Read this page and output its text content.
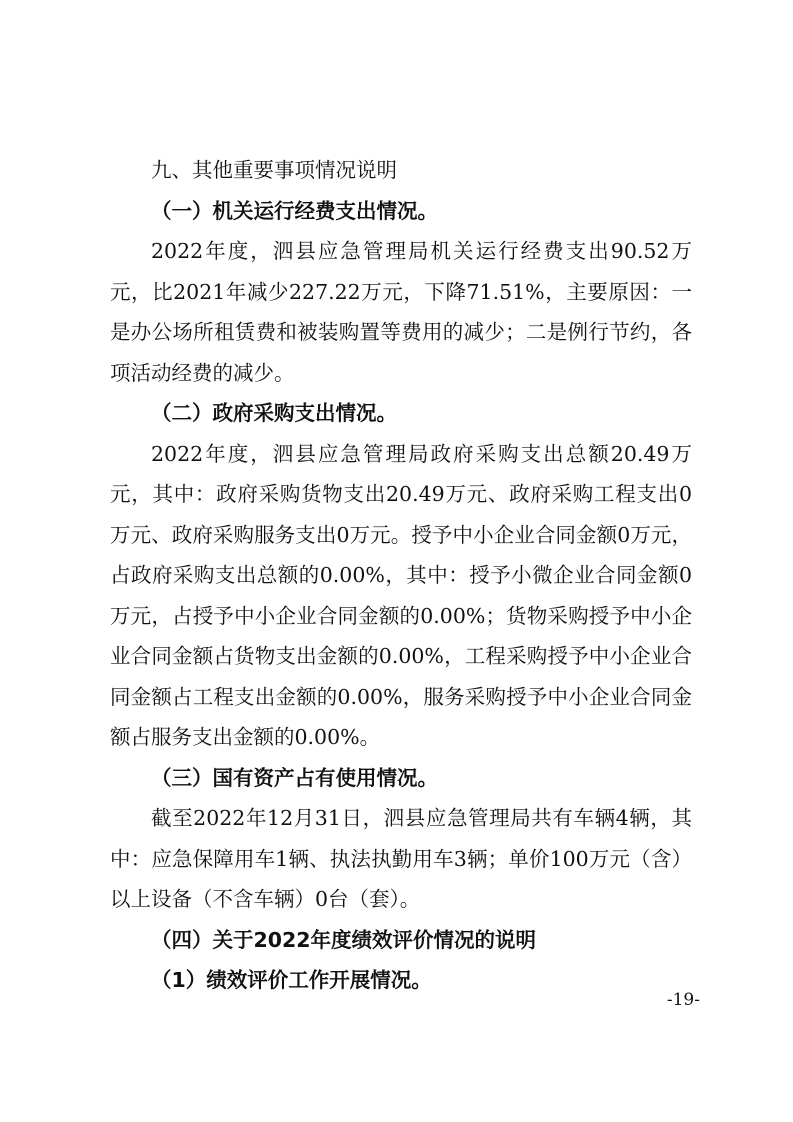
九、其他重要事项情况说明

（一）机关运行经费支出情况。

2022年度，泗县应急管理局机关运行经费支出90.52万元，比2021年减少227.22万元，下降71.51%，主要原因：一是办公场所租赁费和被装购置等费用的减少；二是例行节约，各项活动经费的减少。

（二）政府采购支出情况。

2022年度，泗县应急管理局政府采购支出总额20.49万元，其中：政府采购货物支出20.49万元、政府采购工程支出0万元、政府采购服务支出0万元。授予中小企业合同金额0万元，占政府采购支出总额的0.00%，其中：授予小微企业合同金额0万元，占授予中小企业合同金额的0.00%；货物采购授予中小企业合同金额占货物支出金额的0.00%，工程采购授予中小企业合同金额占工程支出金额的0.00%，服务采购授予中小企业合同金额占服务支出金额的0.00%。

（三）国有资产占有使用情况。

截至2022年12月31日，泗县应急管理局共有车辆4辆，其中：应急保障用车1辆、执法执勤用车3辆；单价100万元（含）以上设备（不含车辆）0台（套）。

（四）关于2022年度绩效评价情况的说明

（1）绩效评价工作开展情况。

-19-
